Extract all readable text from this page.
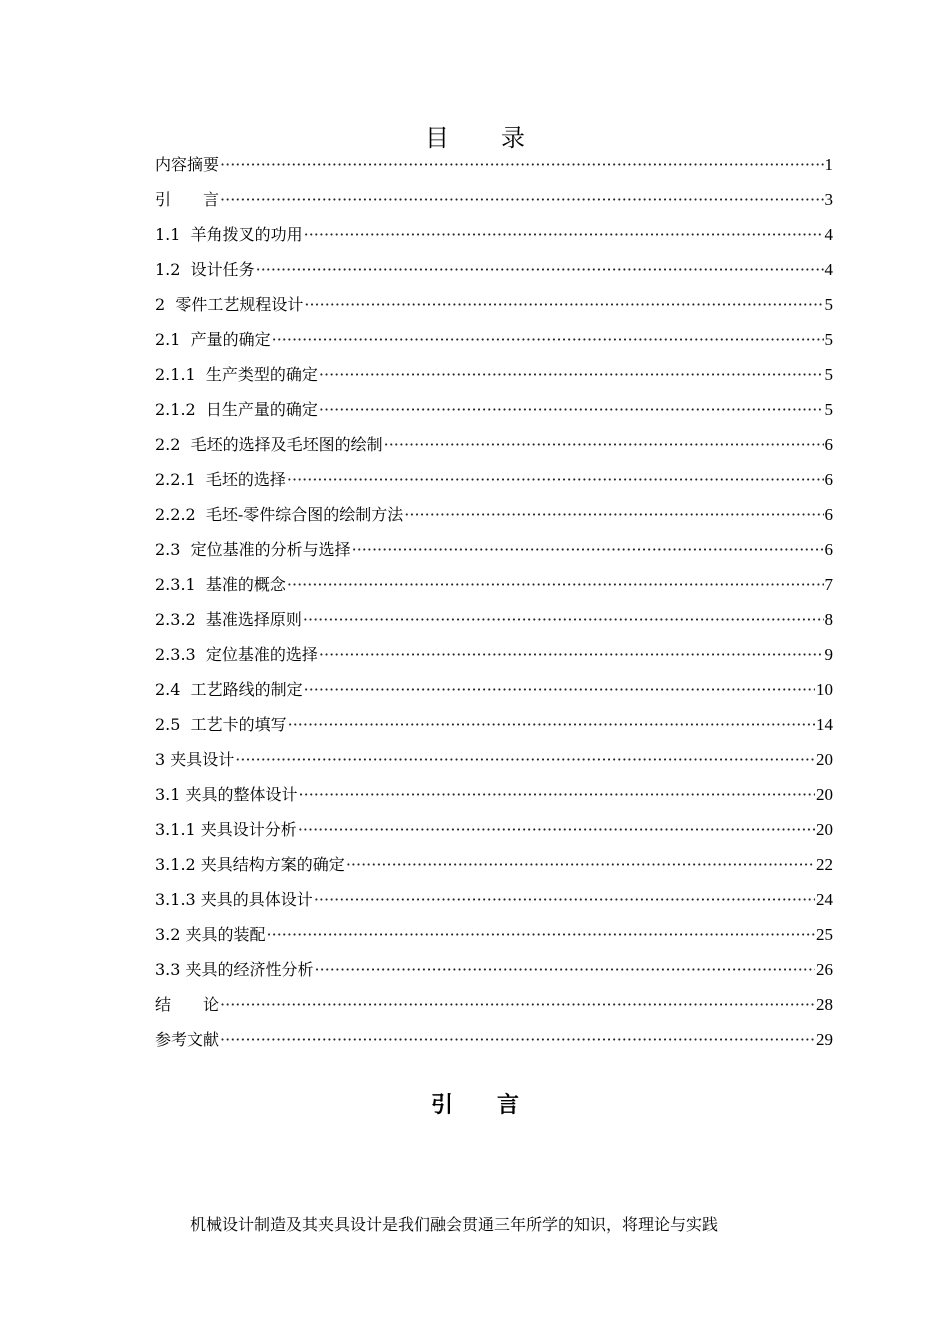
目录
内容摘要 ·····	1
引　　言 ·····	3
1.1  羊角拨叉的功用 ·····	4
1.2  设计任务 ·····	4
2  零件工艺规程设计 ·····	5
2.1  产量的确定 ·····	5
2.1.1  生产类型的确定 ·····	5
2.1.2  日生产量的确定 ·····	5
2.2  毛坯的选择及毛坯图的绘制 ·····	6
2.2.1  毛坯的选择 ·····	6
2.2.2  毛坯-零件综合图的绘制方法 ·····	6
2.3  定位基准的分析与选择 ·····	6
2.3.1  基准的概念 ·····	7
2.3.2  基准选择原则 ·····	8
2.3.3  定位基准的选择 ·····	9
2.4  工艺路线的制定 ·····	10
2.5  工艺卡的填写 ·····	14
3 夹具设计 ·····	20
3.1 夹具的整体设计 ·····	20
3.1.1 夹具设计分析 ·····	20
3.1.2 夹具结构方案的确定 ·····	22
3.1.3 夹具的具体设计 ·····	24
3.2 夹具的装配 ·····	25
3.3 夹具的经济性分析 ·····	26
结　　论 ·····	28
参考文献 ·····	29
引言

机械设计制造及其夹具设计是我们融会贯通三年所学的知识，将理论与实践
